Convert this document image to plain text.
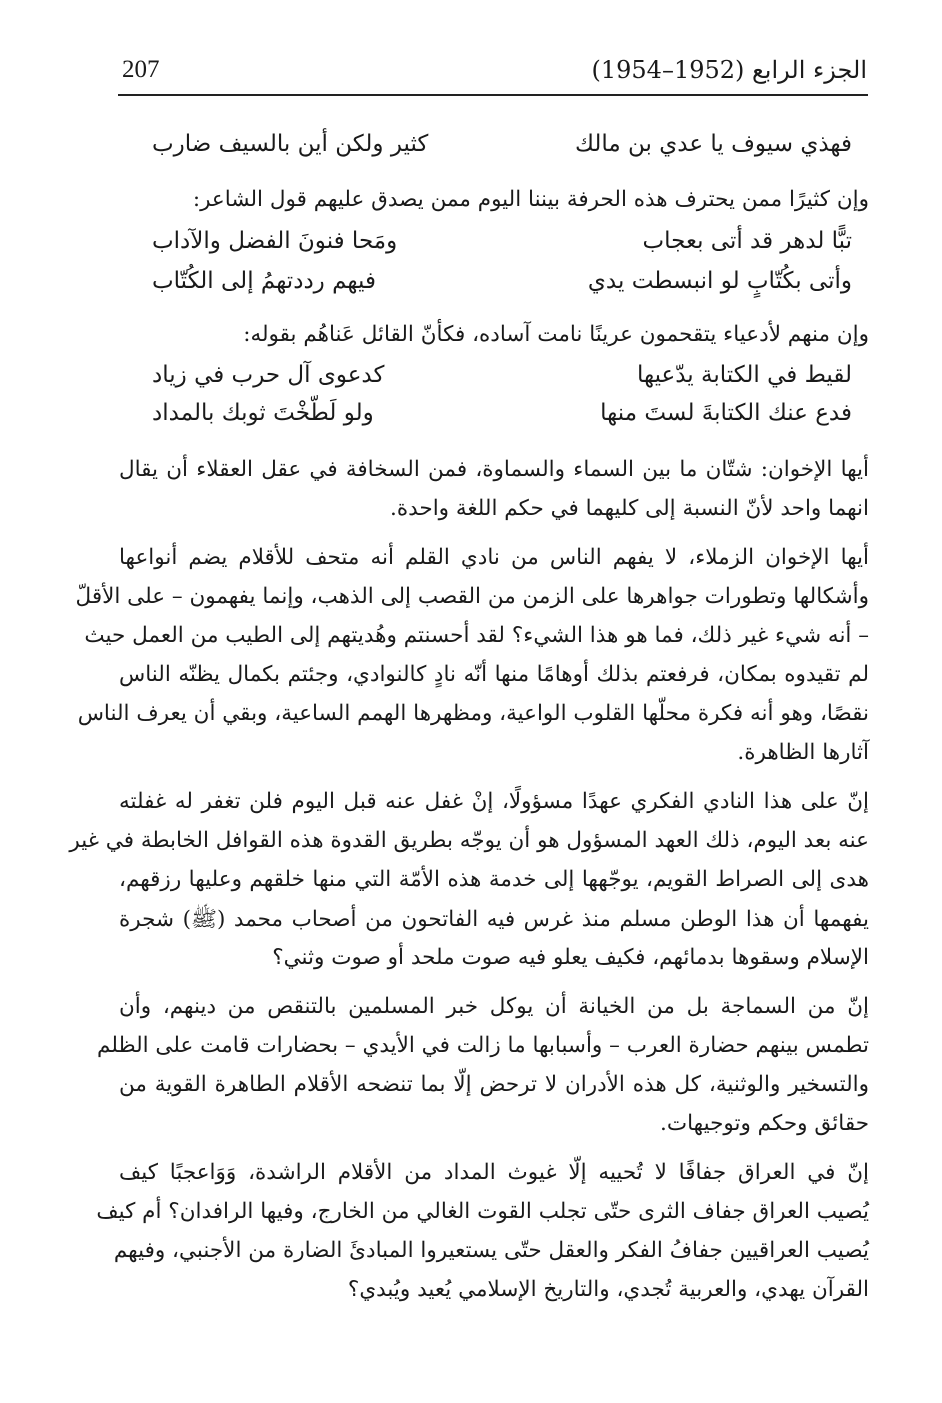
207	الجزء الرابع (1952–1954)
فهذي سيوف يا عدي بن مالك
كثير ولكن أين بالسيف ضارب
وإن كثيرًا ممن يحترف هذه الحرفة بيننا اليوم ممن يصدق عليهم قول الشاعر:
تبًّا لدهر قد أتى بعجاب
ومَحا فنونَ الفضل والآداب
وأتى بكُتّابٍ لو انبسطت يدي
فيهم رددتهمُ إلى الكُتّاب
وإن منهم لأدعياء يتقحمون عرينًا نامت آساده، فكأنّ القائل عَناهُم بقوله:
لقيط في الكتابة يدّعيها
كدعوى آل حرب في زياد
فدع عنك الكتابةَ لستَ منها
ولو لَطّخْتَ ثوبك بالمداد
أيها الإخوان: شتّان ما بين السماء والسماوة، فمن السخافة في عقل العقلاء أن يقال
انهما واحد لأنّ النسبة إلى كليهما في حكم اللغة واحدة.
أيها الإخوان الزملاء، لا يفهم الناس من نادي القلم أنه متحف للأقلام يضم أنواعها
وأشكالها وتطورات جواهرها على الزمن من القصب إلى الذهب، وإنما يفهمون – على الأقلّ
– أنه شيء غير ذلك، فما هو هذا الشيء؟ لقد أحسنتم وهُديتهم إلى الطيب من العمل حيث
لم تقيدوه بمكان، فرفعتم بذلك أوهامًا منها أنّه نادٍ كالنوادي، وجئتم بكمال يظنّه الناس
نقصًا، وهو أنه فكرة محلّها القلوب الواعية، ومظهرها الهمم الساعية، وبقي أن يعرف الناس
آثارها الظاهرة.
إنّ على هذا النادي الفكري عهدًا مسؤولًا، إنْ غفل عنه قبل اليوم فلن تغفر له غفلته
عنه بعد اليوم، ذلك العهد المسؤول هو أن يوجّه بطريق القدوة هذه القوافل الخابطة في غير
هدى إلى الصراط القويم، يوجّهها إلى خدمة هذه الأمّة التي منها خلقهم وعليها رزقهم،
يفهمها أن هذا الوطن مسلم منذ غرس فيه الفاتحون من أصحاب محمد (ﷺ) شجرة
الإسلام وسقوها بدمائهم، فكيف يعلو فيه صوت ملحد أو صوت وثني؟
إنّ من السماجة بل من الخيانة أن يوكل خبر المسلمين بالتنقص من دينهم، وأن
تطمس بينهم حضارة العرب – وأسبابها ما زالت في الأيدي – بحضارات قامت على الظلم
والتسخير والوثنية، كل هذه الأدران لا ترحض إلّا بما تنضحه الأقلام الطاهرة القوية من
حقائق وحكم وتوجيهات.
إنّ في العراق جفافًا لا تُحييه إلّا غيوث المداد من الأقلام الراشدة، وَوَاعجبًا كيف
يُصيب العراق جفاف الثرى حتّى تجلب القوت الغالي من الخارج، وفيها الرافدان؟ أم كيف
يُصيب العراقيين جفافُ الفكر والعقل حتّى يستعيروا المبادئَ الضارة من الأجنبي، وفيهم
القرآن يهدي، والعربية تُجدي، والتاريخ الإسلامي يُعيد ويُبدي؟
